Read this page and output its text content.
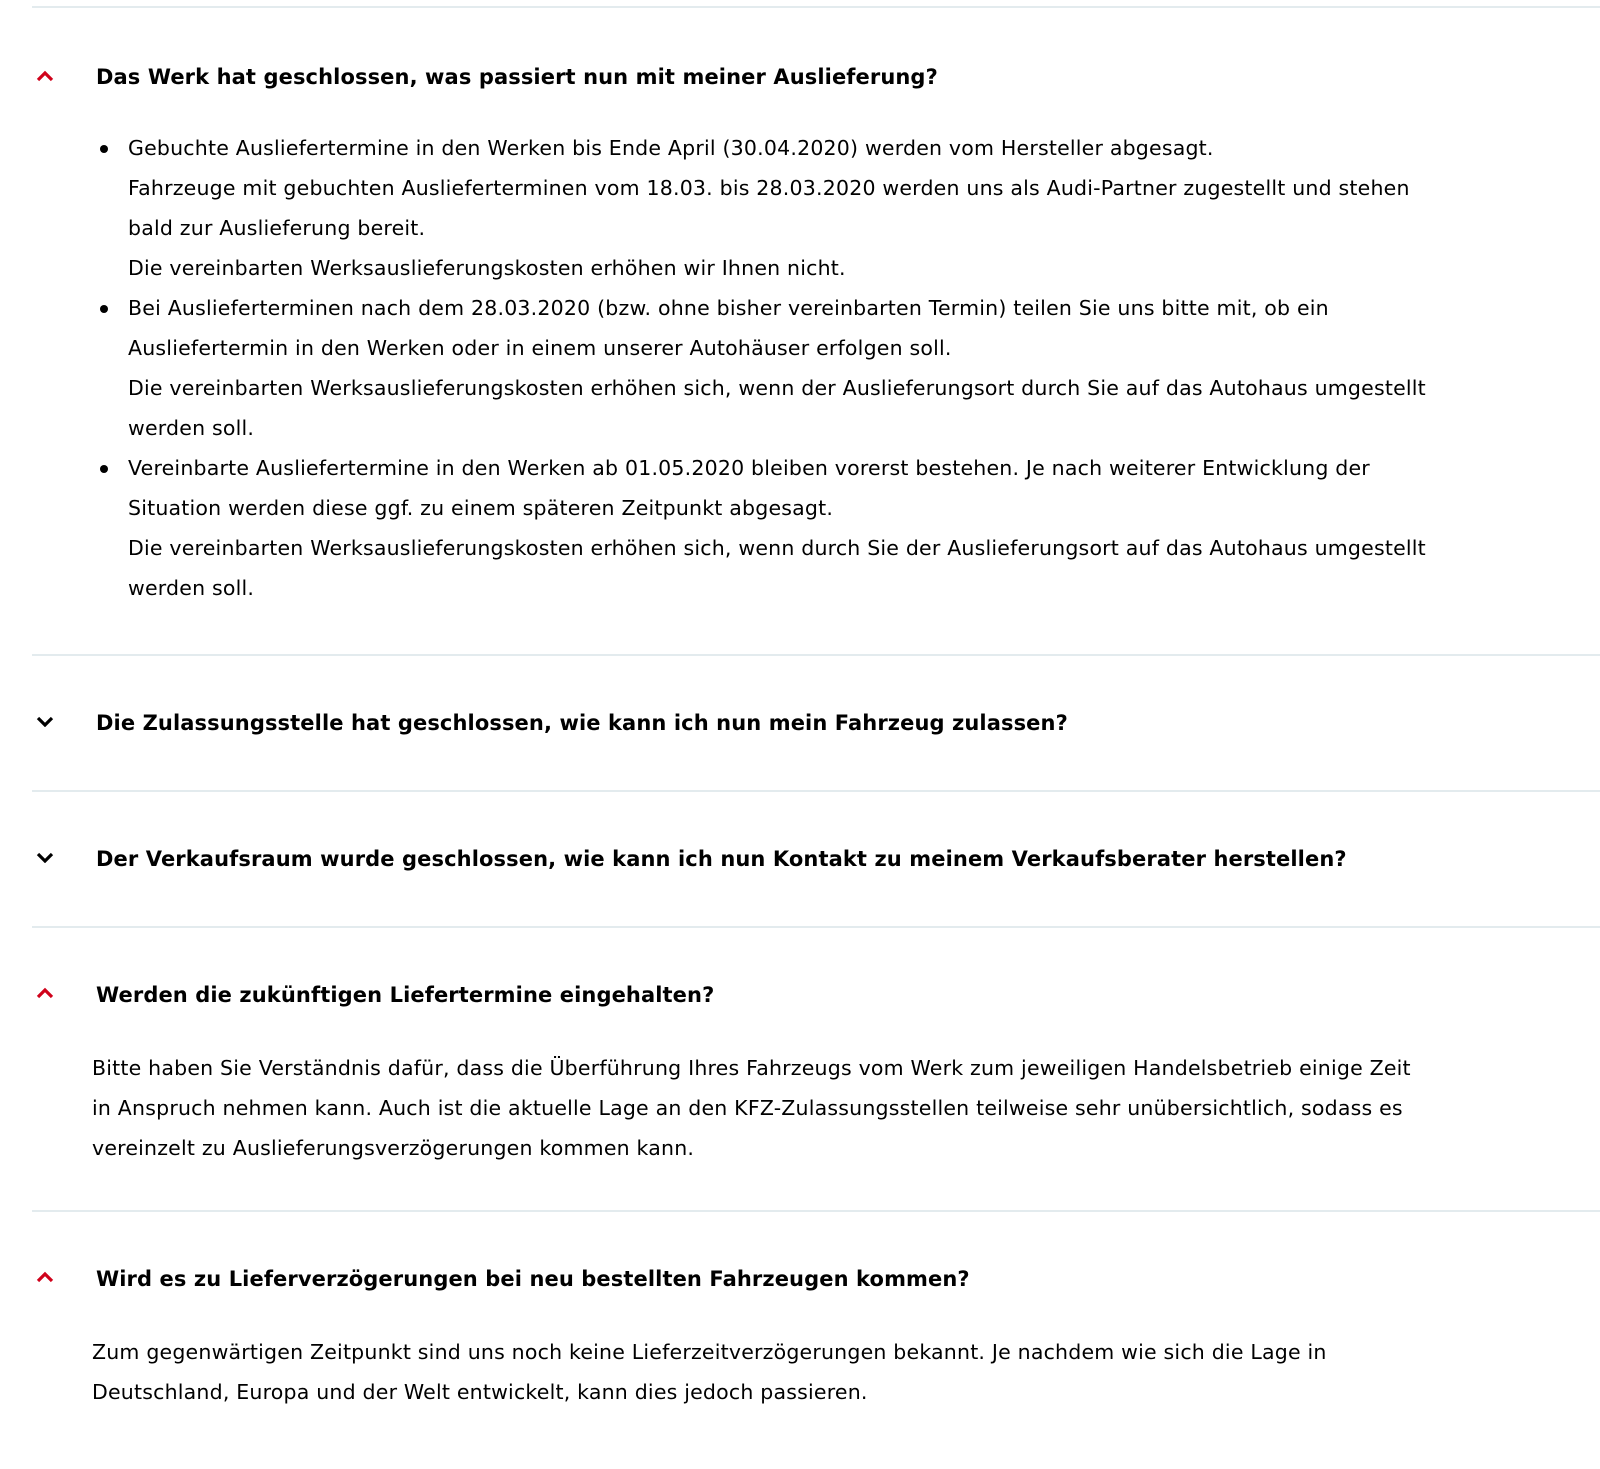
Das Werk hat geschlossen, was passiert nun mit meiner Auslieferung?
Gebuchte Ausliefertermine in den Werken bis Ende April (30.04.2020) werden vom Hersteller abgesagt.
Fahrzeuge mit gebuchten Auslieferterminen vom 18.03. bis 28.03.2020 werden uns als Audi-Partner zugestellt und stehen
bald zur Auslieferung bereit.
Die vereinbarten Werksauslieferungskosten erhöhen wir Ihnen nicht.
Bei Auslieferterminen nach dem 28.03.2020 (bzw. ohne bisher vereinbarten Termin) teilen Sie uns bitte mit, ob ein
Ausliefertermin in den Werken oder in einem unserer Autohäuser erfolgen soll.
Die vereinbarten Werksauslieferungskosten erhöhen sich, wenn der Auslieferungsort durch Sie auf das Autohaus umgestellt
werden soll.
Vereinbarte Ausliefertermine in den Werken ab 01.05.2020 bleiben vorerst bestehen. Je nach weiterer Entwicklung der
Situation werden diese ggf. zu einem späteren Zeitpunkt abgesagt.
Die vereinbarten Werksauslieferungskosten erhöhen sich, wenn durch Sie der Auslieferungsort auf das Autohaus umgestellt
werden soll.
Die Zulassungsstelle hat geschlossen, wie kann ich nun mein Fahrzeug zulassen?
Der Verkaufsraum wurde geschlossen, wie kann ich nun Kontakt zu meinem Verkaufsberater herstellen?
Werden die zukünftigen Liefertermine eingehalten?

Bitte haben Sie Verständnis dafür, dass die Überführung Ihres Fahrzeugs vom Werk zum jeweiligen Handelsbetrieb einige Zeit
in Anspruch nehmen kann. Auch ist die aktuelle Lage an den KFZ-Zulassungsstellen teilweise sehr unübersichtlich, sodass es
vereinzelt zu Auslieferungsverzögerungen kommen kann.

Wird es zu Lieferverzögerungen bei neu bestellten Fahrzeugen kommen?

Zum gegenwärtigen Zeitpunkt sind uns noch keine Lieferzeitverzögerungen bekannt. Je nachdem wie sich die Lage in
Deutschland, Europa und der Welt entwickelt, kann dies jedoch passieren.
